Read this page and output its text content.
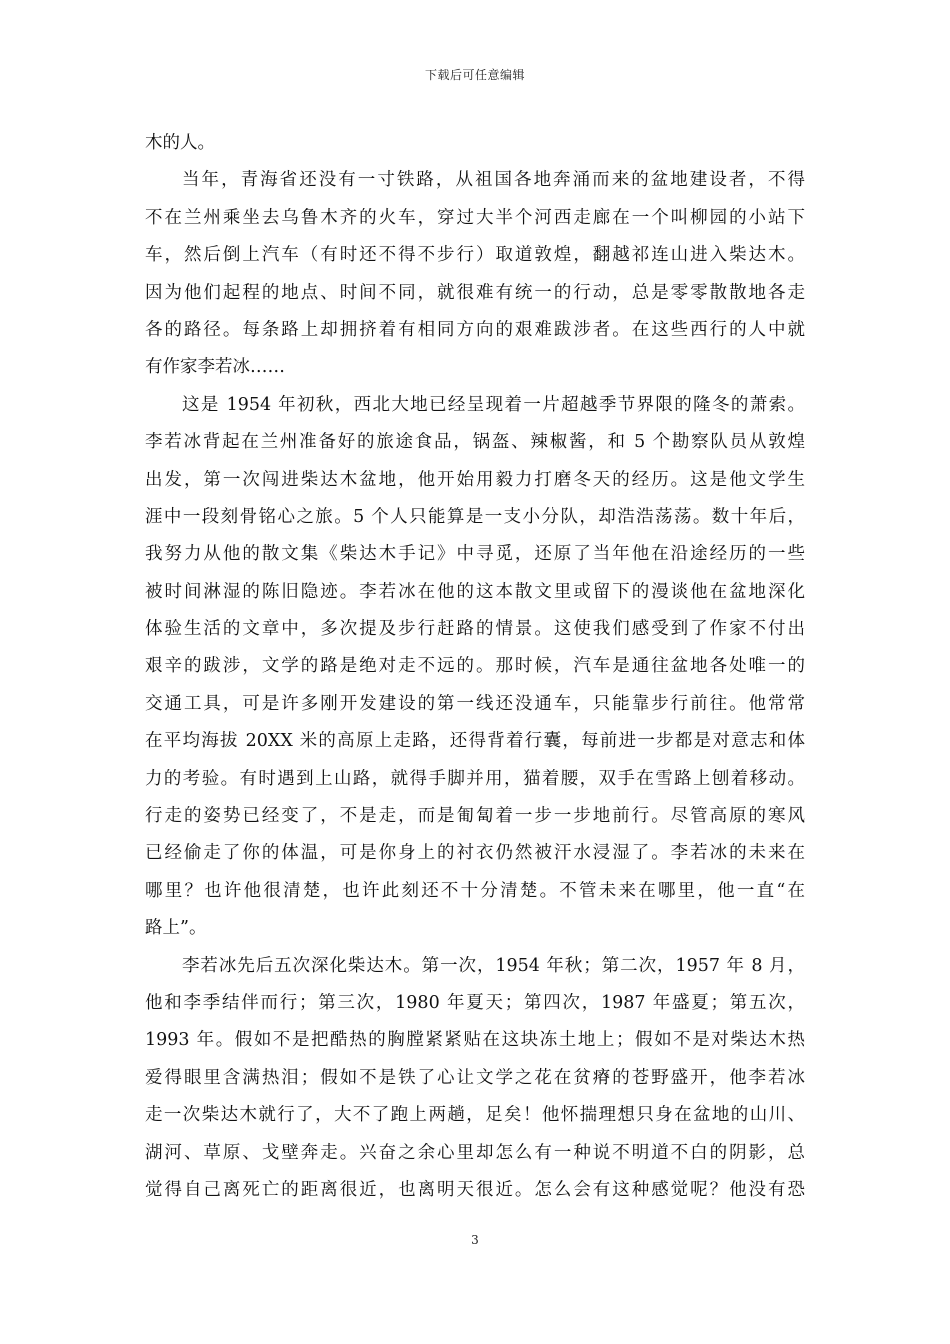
下载后可任意编辑
木的人。
当年，青海省还没有一寸铁路，从祖国各地奔涌而来的盆地建设者，不得
不在兰州乘坐去乌鲁木齐的火车，穿过大半个河西走廊在一个叫柳园的小站下
车，然后倒上汽车（有时还不得不步行）取道敦煌，翻越祁连山进入柴达木。
因为他们起程的地点、时间不同，就很难有统一的行动，总是零零散散地各走
各的路径。每条路上却拥挤着有相同方向的艰难跋涉者。在这些西行的人中就
有作家李若冰……
这是 1954 年初秋，西北大地已经呈现着一片超越季节界限的隆冬的萧索。
李若冰背起在兰州准备好的旅途食品，锅盔、辣椒酱，和 5 个勘察队员从敦煌
出发，第一次闯进柴达木盆地，他开始用毅力打磨冬天的经历。这是他文学生
涯中一段刻骨铭心之旅。5 个人只能算是一支小分队，却浩浩荡荡。数十年后，
我努力从他的散文集《柴达木手记》中寻觅，还原了当年他在沿途经历的一些
被时间淋湿的陈旧隐迹。李若冰在他的这本散文里或留下的漫谈他在盆地深化
体验生活的文章中，多次提及步行赶路的情景。这使我们感受到了作家不付出
艰辛的跋涉，文学的路是绝对走不远的。那时候，汽车是通往盆地各处唯一的
交通工具，可是许多刚开发建设的第一线还没通车，只能靠步行前往。他常常
在平均海拔 20XX 米的高原上走路，还得背着行囊，每前进一步都是对意志和体
力的考验。有时遇到上山路，就得手脚并用，猫着腰，双手在雪路上刨着移动。
行走的姿势已经变了，不是走，而是匍匐着一步一步地前行。尽管高原的寒风
已经偷走了你的体温，可是你身上的衬衣仍然被汗水浸湿了。李若冰的未来在
哪里？也许他很清楚，也许此刻还不十分清楚。不管未来在哪里，他一直“在
路上”。
李若冰先后五次深化柴达木。第一次，1954 年秋；第二次，1957 年 8 月，
他和李季结伴而行；第三次，1980 年夏天；第四次，1987 年盛夏；第五次，
1993 年。假如不是把酷热的胸膛紧紧贴在这块冻土地上；假如不是对柴达木热
爱得眼里含满热泪；假如不是铁了心让文学之花在贫瘠的苍野盛开，他李若冰
走一次柴达木就行了，大不了跑上两趟，足矣！他怀揣理想只身在盆地的山川、
湖河、草原、戈壁奔走。兴奋之余心里却怎么有一种说不明道不白的阴影，总
觉得自己离死亡的距离很近，也离明天很近。怎么会有这种感觉呢？他没有恐
3
